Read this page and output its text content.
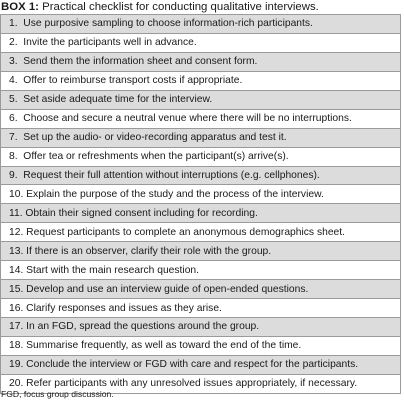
BOX 1: Practical checklist for conducting qualitative interviews.
1.  Use purposive sampling to choose information-rich participants.
2.  Invite the participants well in advance.
3.  Send them the information sheet and consent form.
4.  Offer to reimburse transport costs if appropriate.
5.  Set aside adequate time for the interview.
6.  Choose and secure a neutral venue where there will be no interruptions.
7.  Set up the audio- or video-recording apparatus and test it.
8.  Offer tea or refreshments when the participant(s) arrive(s).
9.  Request their full attention without interruptions (e.g. cellphones).
10. Explain the purpose of the study and the process of the interview.
11. Obtain their signed consent including for recording.
12. Request participants to complete an anonymous demographics sheet.
13. If there is an observer, clarify their role with the group.
14. Start with the main research question.
15. Develop and use an interview guide of open-ended questions.
16. Clarify responses and issues as they arise.
17. In an FGD, spread the questions around the group.
18. Summarise frequently, as well as toward the end of the time.
19. Conclude the interview or FGD with care and respect for the participants.
20. Refer participants with any unresolved issues appropriately, if necessary.
FGD, focus group discussion.
